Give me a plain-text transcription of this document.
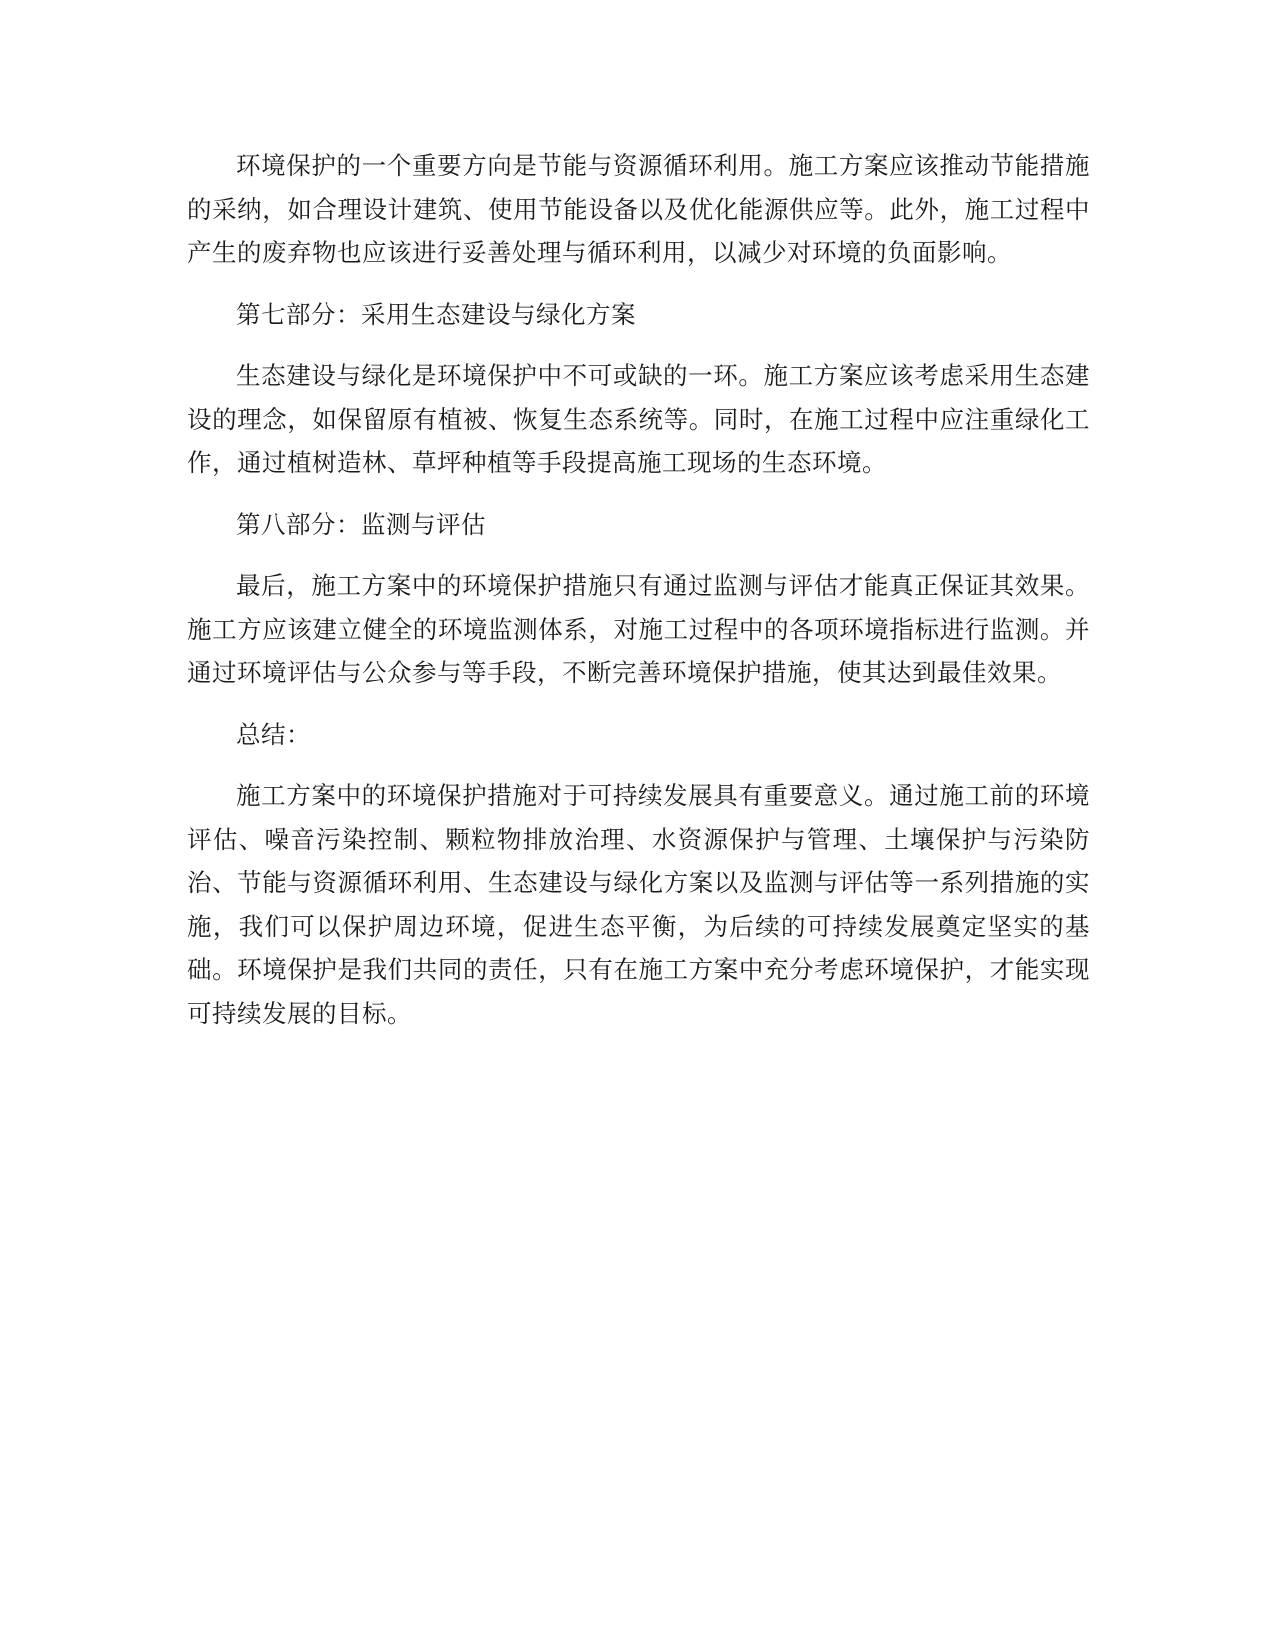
环境保护的一个重要方向是节能与资源循环利用。施工方案应该推动节能措施的采纳，如合理设计建筑、使用节能设备以及优化能源供应等。此外，施工过程中产生的废弃物也应该进行妥善处理与循环利用，以减少对环境的负面影响。

第七部分：采用生态建设与绿化方案

生态建设与绿化是环境保护中不可或缺的一环。施工方案应该考虑采用生态建设的理念，如保留原有植被、恢复生态系统等。同时，在施工过程中应注重绿化工作，通过植树造林、草坪种植等手段提高施工现场的生态环境。

第八部分：监测与评估

最后，施工方案中的环境保护措施只有通过监测与评估才能真正保证其效果。施工方应该建立健全的环境监测体系，对施工过程中的各项环境指标进行监测。并通过环境评估与公众参与等手段，不断完善环境保护措施，使其达到最佳效果。

总结：

施工方案中的环境保护措施对于可持续发展具有重要意义。通过施工前的环境评估、噪音污染控制、颗粒物排放治理、水资源保护与管理、土壤保护与污染防治、节能与资源循环利用、生态建设与绿化方案以及监测与评估等一系列措施的实施，我们可以保护周边环境，促进生态平衡，为后续的可持续发展奠定坚实的基础。环境保护是我们共同的责任，只有在施工方案中充分考虑环境保护，才能实现可持续发展的目标。
